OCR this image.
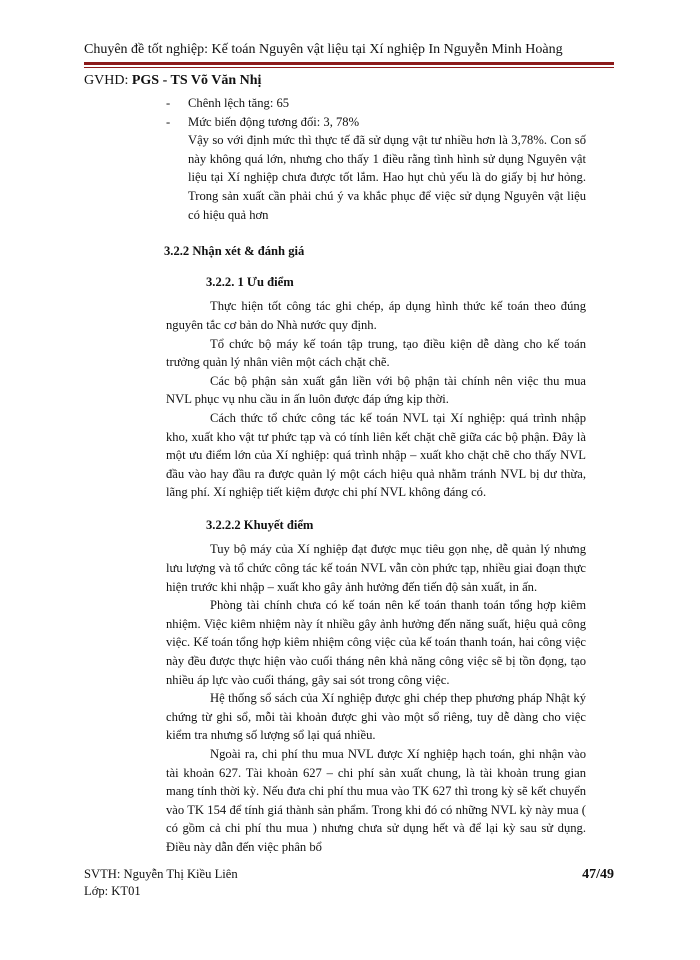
Chuyên đề tốt nghiệp: Kế toán Nguyên vật liệu tại Xí nghiệp In Nguyễn Minh Hoàng
GVHD: PGS - TS Võ Văn Nhị
-	Chênh lệch tăng: 65
-	Mức biến động tương đối: 3, 78%

Vậy so với định mức thì thực tế đã sử dụng vật tư nhiều hơn là 3,78%. Con số này không quá lớn, nhưng cho thấy 1 điều rằng tình hình sử dụng Nguyên vật liệu tại Xí nghiệp chưa được tốt lắm. Hao hụt chủ yếu là do giấy bị hư hỏng. Trong sản xuất cần phải chú ý va khắc phục để việc sử dụng Nguyên vật liệu có hiệu quả hơn

3.2.2 Nhận xét & đánh giá
3.2.2. 1 Ưu điểm

Thực hiện tốt công tác ghi chép, áp dụng hình thức kế toán theo đúng nguyên tắc cơ bản do Nhà nước quy định.

Tổ chức bộ máy kế toán tập trung, tạo điều kiện dễ dàng cho kế toán trưởng quản lý nhân viên một cách chặt chẽ.

Các bộ phận sản xuất gắn liền với bộ phận tài chính nên việc thu mua NVL phục vụ nhu cầu in ấn luôn được đáp ứng kịp thời.

Cách thức tổ chức công tác kế toán NVL tại Xí nghiệp: quá trình nhập kho, xuất kho vật tư phức tạp và có tính liên kết chặt chẽ giữa các bộ phận. Đây là một ưu điểm lớn của Xí nghiệp: quá trình nhập – xuất kho chặt chẽ cho thấy NVL đầu vào hay đầu ra được quản lý một cách hiệu quả nhằm tránh NVL bị dư thừa, lãng phí. Xí nghiệp tiết kiệm được chi phí NVL không đáng có.

3.2.2.2 Khuyết điểm

Tuy bộ máy của Xí nghiệp đạt được mục tiêu gọn nhẹ, dễ quản lý nhưng lưu lượng và tổ chức công tác kế toán NVL vẫn còn phức tạp, nhiều giai đoạn thực hiện trước khi nhập – xuất kho gây ảnh hưởng đến tiến độ sản xuất, in ấn.

Phòng tài chính chưa có kế toán nên kế toán thanh toán tổng hợp kiêm nhiệm. Việc kiêm nhiệm này ít nhiều gây ảnh hưởng đến năng suất, hiệu quả công việc. Kế toán tổng hợp kiêm nhiệm công việc của kế toán thanh toán, hai công việc này đều được thực hiện vào cuối tháng nên khả năng công việc sẽ bị tồn đọng, tạo nhiều áp lực vào cuối tháng, gây sai sót trong công việc.

Hệ thống sổ sách của Xí nghiệp được ghi chép thep phương pháp Nhật ký chứng từ ghi sổ, mỗi tài khoản được ghi vào một sổ riêng, tuy dễ dàng cho việc kiểm tra nhưng số lượng sổ lại quá nhiều.

Ngoài ra, chi phí thu mua NVL được Xí nghiệp hạch toán, ghi nhận vào tài khoản 627. Tài khoản 627 – chi phí sản xuất chung, là tài khoản trung gian mang tính thời kỳ. Nếu đưa chi phí thu mua vào TK 627 thì trong kỳ sẽ kết chuyển vào TK 154 để tính giá thành sản phẩm. Trong khi đó có những NVL kỳ này mua ( có gồm cả chi phí thu mua ) nhưng chưa sử dụng hết và để lại kỳ sau sử dụng. Điều này dẫn đến việc phân bổ

SVTH: Nguyễn Thị Kiều Liên	47/49
Lớp: KT01
